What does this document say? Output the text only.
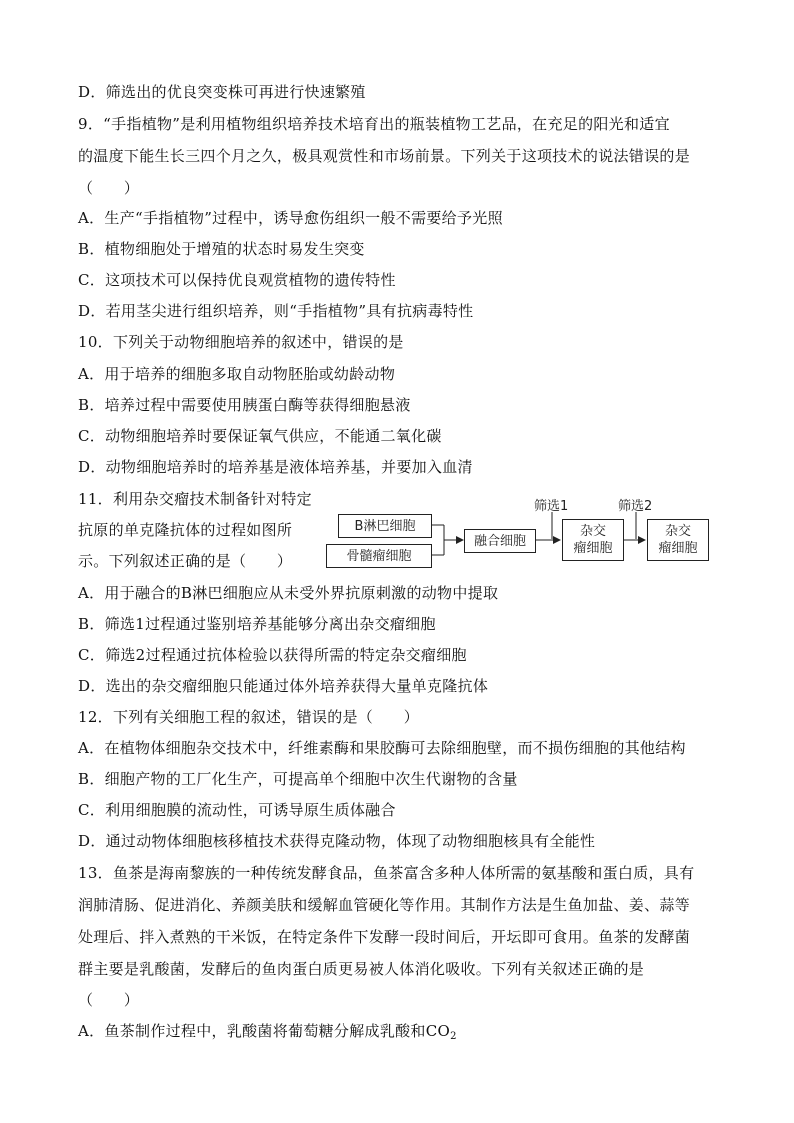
D．筛选出的优良突变株可再进行快速繁殖
9．“手指植物”是利用植物组织培养技术培育出的瓶装植物工艺品，在充足的阳光和适宜
的温度下能生长三四个月之久，极具观赏性和市场前景。下列关于这项技术的说法错误的是
（　　）
A．生产“手指植物”过程中，诱导愈伤组织一般不需要给予光照
B．植物细胞处于增殖的状态时易发生突变
C．这项技术可以保持优良观赏植物的遗传特性
D．若用茎尖进行组织培养，则“手指植物”具有抗病毒特性
10．下列关于动物细胞培养的叙述中，错误的是
A．用于培养的细胞多取自动物胚胎或幼龄动物
B．培养过程中需要使用胰蛋白酶等获得细胞悬液
C．动物细胞培养时要保证氧气供应，不能通二氧化碳
D．动物细胞培养时的培养基是液体培养基，并要加入血清
11．利用杂交瘤技术制备针对特定
抗原的单克隆抗体的过程如图所
示。下列叙述正确的是（　　）
B淋巴细胞
骨髓瘤细胞
融合细胞
杂交
瘤细胞
杂交
瘤细胞
筛选1	筛选2
A．用于融合的B淋巴细胞应从未受外界抗原刺激的动物中提取
B．筛选1过程通过鉴别培养基能够分离出杂交瘤细胞
C．筛选2过程通过抗体检验以获得所需的特定杂交瘤细胞
D．选出的杂交瘤细胞只能通过体外培养获得大量单克隆抗体
12．下列有关细胞工程的叙述，错误的是（　　）
A．在植物体细胞杂交技术中，纤维素酶和果胶酶可去除细胞壁，而不损伤细胞的其他结构
B．细胞产物的工厂化生产，可提高单个细胞中次生代谢物的含量
C．利用细胞膜的流动性，可诱导原生质体融合
D．通过动物体细胞核移植技术获得克隆动物，体现了动物细胞核具有全能性
13．鱼茶是海南黎族的一种传统发酵食品，鱼茶富含多种人体所需的氨基酸和蛋白质，具有
润肺清肠、促进消化、养颜美肤和缓解血管硬化等作用。其制作方法是生鱼加盐、姜、蒜等
处理后、拌入煮熟的干米饭，在特定条件下发酵一段时间后，开坛即可食用。鱼茶的发酵菌
群主要是乳酸菌，发酵后的鱼肉蛋白质更易被人体消化吸收。下列有关叙述正确的是
（　　）
A．鱼茶制作过程中，乳酸菌将葡萄糖分解成乳酸和$CO_2$
